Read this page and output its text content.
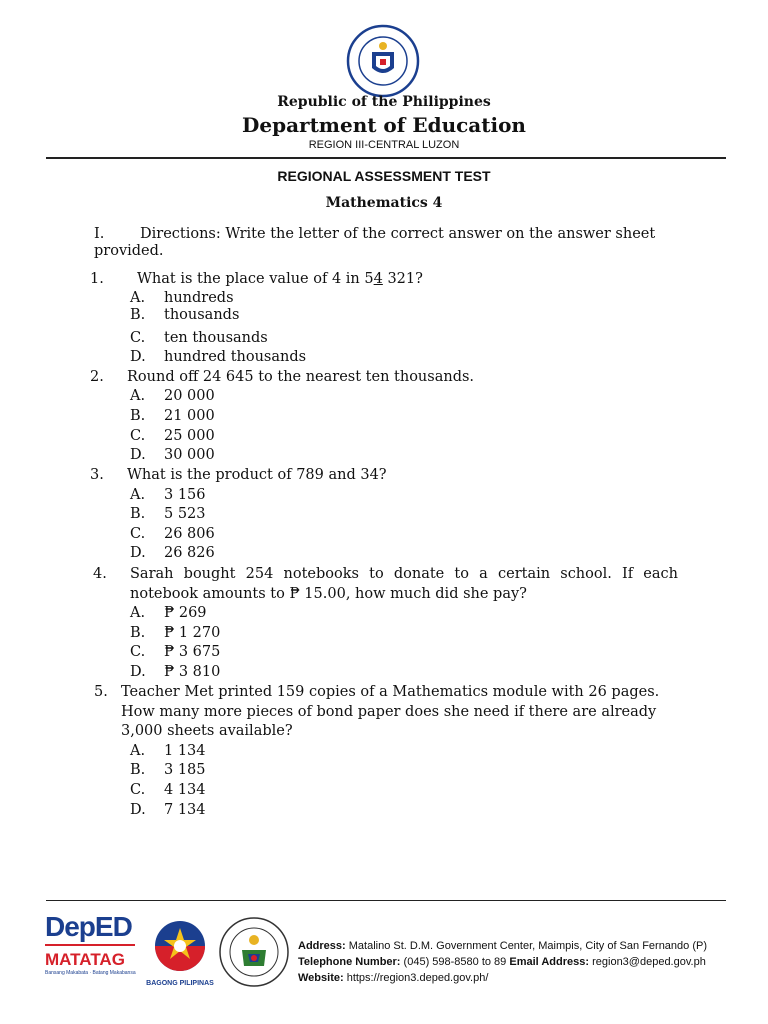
Republic of the Philippines
Department of Education
REGION III-CENTRAL LUZON
REGIONAL ASSESSMENT TEST
Mathematics 4
I. Directions: Write the letter of the correct answer on the answer sheet
provided.
1. What is the place value of 4 in 54 321?
A. hundreds
B. thousands
C. ten thousands
D. hundred thousands
2. Round off 24 645 to the nearest ten thousands.
A. 20 000
B. 21 000
C. 25 000
D. 30 000
3. What is the product of 789 and 34?
A. 3 156
B. 5 523
C. 26 806
D. 26 826
4. Sarah bought 254 notebooks to donate to a certain school. If each
notebook amounts to ₱ 15.00, how much did she pay?
A. ₱ 269
B. ₱ 1 270
C. ₱ 3 675
D. ₱ 3 810
5. Teacher Met printed 159 copies of a Mathematics module with 26 pages.
How many more pieces of bond paper does she need if there are already
3,000 sheets available?
A. 1 134
B. 3 185
C. 4 134
D. 7 134
DepED
MATATAG
Bansang Makabata · Batang Makabansa
BAGONG PILIPINAS
Address: Matalino St. D.M. Government Center, Maimpis, City of San Fernando (P)
Telephone Number: (045) 598-8580 to 89 Email Address: region3@deped.gov.ph
Website: https://region3.deped.gov.ph/
